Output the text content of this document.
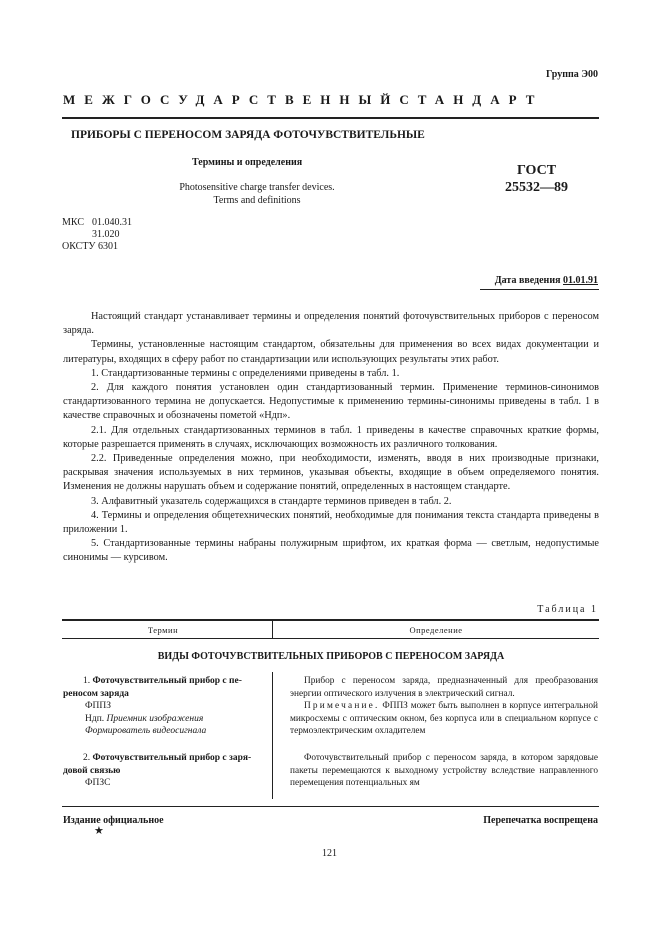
Группа Э00
МЕЖГОСУДАРСТВЕННЫЙСТАНДАРТ
ПРИБОРЫ С ПЕРЕНОСОМ ЗАРЯДА ФОТОЧУВСТВИТЕЛЬНЫЕ
Термины и определения
Photosensitive charge transfer devices.
Terms and definitions
ГОСТ
25532—89
МКС	01.040.31
	31.020
ОКСТУ 6301	
Дата введения 01.01.91

Настоящий стандарт устанавливает термины и определения понятий фоточувствительных приборов с переносом заряда.

Термины, установленные настоящим стандартом, обязательны для применения во всех видах документации и литературы, входящих в сферу работ по стандартизации или использующих результаты этих работ.

1. Стандартизованные термины с определениями приведены в табл. 1.

2. Для каждого понятия установлен один стандартизованный термин. Применение терминов-синонимов стандартизованного термина не допускается. Недопустимые к применению термины-синонимы приведены в табл. 1 в качестве справочных и обозначены пометой «Ндп».

2.1. Для отдельных стандартизованных терминов в табл. 1 приведены в качестве справочных краткие формы, которые разрешается применять в случаях, исключающих возможность их различного толкования.

2.2. Приведенные определения можно, при необходимости, изменять, вводя в них производные признаки, раскрывая значения используемых в них терминов, указывая объекты, входящие в объем определяемого понятия. Изменения не должны нарушать объем и содержание понятий, определенных в настоящем стандарте.

3. Алфавитный указатель содержащихся в стандарте терминов приведен в табл. 2.

4. Термины и определения общетехнических понятий, необходимые для понимания текста стандарта приведены в приложении 1.

5. Стандартизованные термины набраны полужирным шрифтом, их краткая форма — светлым, недопустимые синонимы — курсивом.

Таблица 1
Термин	Определение
ВИДЫ ФОТОЧУВСТВИТЕЛЬНЫХ ПРИБОРОВ С ПЕРЕНОСОМ ЗАРЯДА
1. Фоточувствительный прибор с пе-
реносом заряда
ФППЗ
Ндп. Приемник изображения
Формирователь видеосигнала

Прибор с переносом заряда, предназначенный для преобразования энергии оптического излучения в электрический сигнал.

Примечание. ФППЗ может быть выполнен в корпусе интегральной микросхемы с оптическим окном, без корпуса или в специальном корпусе с термоэлектрическим охладителем

2. Фоточувствительный прибор с заря-
довой связью
ФПЗС

Фоточувствительный прибор с переносом заряда, в котором зарядовые пакеты перемещаются к выходному устройству вследствие направленного перемещения потенциальных ям

Издание официальное	Перепечатка воспрещена
★
121
